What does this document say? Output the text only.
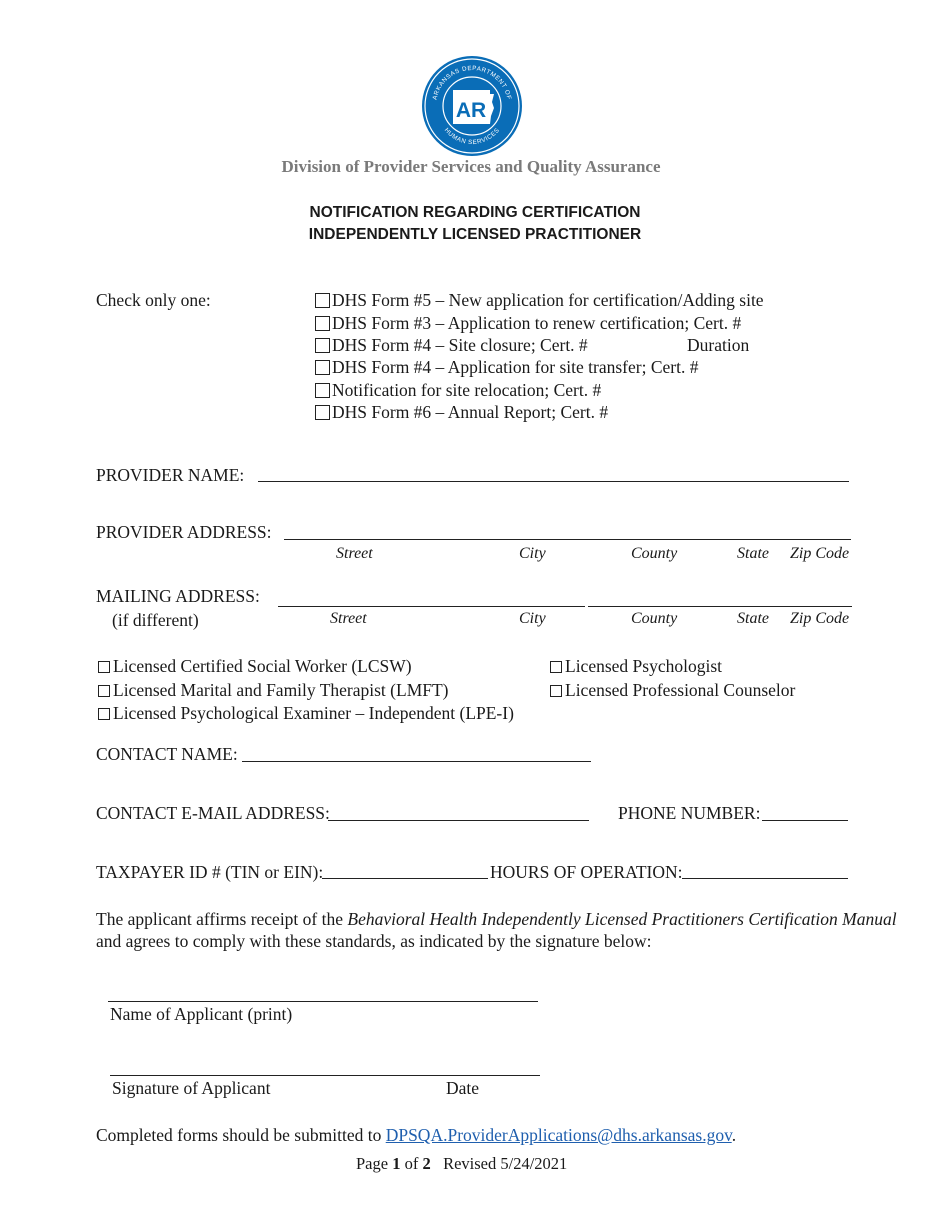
ARKANSAS DEPARTMENT OF
HUMAN SERVICES
AR
Division of Provider Services and Quality Assurance
NOTIFICATION REGARDING CERTIFICATION
INDEPENDENTLY LICENSED PRACTITIONER
Check only one:	DHS Form #5 – New application for certification/Adding site
DHS Form #3 – Application to renew certification; Cert. #
DHS Form #4 – Site closure; Cert. #	Duration
DHS Form #4 – Application for site transfer; Cert. #
Notification for site relocation; Cert. #
DHS Form #6 – Annual Report; Cert. #
PROVIDER NAME:
PROVIDER ADDRESS:
Street	City	County	State Zip Code
MAILING ADDRESS:
(if different)	Street	City	County	State Zip Code
Licensed Certified Social Worker (LCSW)
Licensed Marital and Family Therapist (LMFT)
Licensed Psychological Examiner – Independent (LPE-I)
Licensed Psychologist
Licensed Professional Counselor
CONTACT NAME:
CONTACT E-MAIL ADDRESS:	PHONE NUMBER:
TAXPAYER ID # (TIN or EIN):	HOURS OF OPERATION:
The applicant affirms receipt of the Behavioral Health Independently Licensed Practitioners Certification Manual
and agrees to comply with these standards, as indicated by the signature below:
Name of Applicant (print)
Signature of Applicant	Date
Completed forms should be submitted to DPSQA.ProviderApplications@dhs.arkansas.gov.
Page 1 of 2 Revised 5/24/2021
